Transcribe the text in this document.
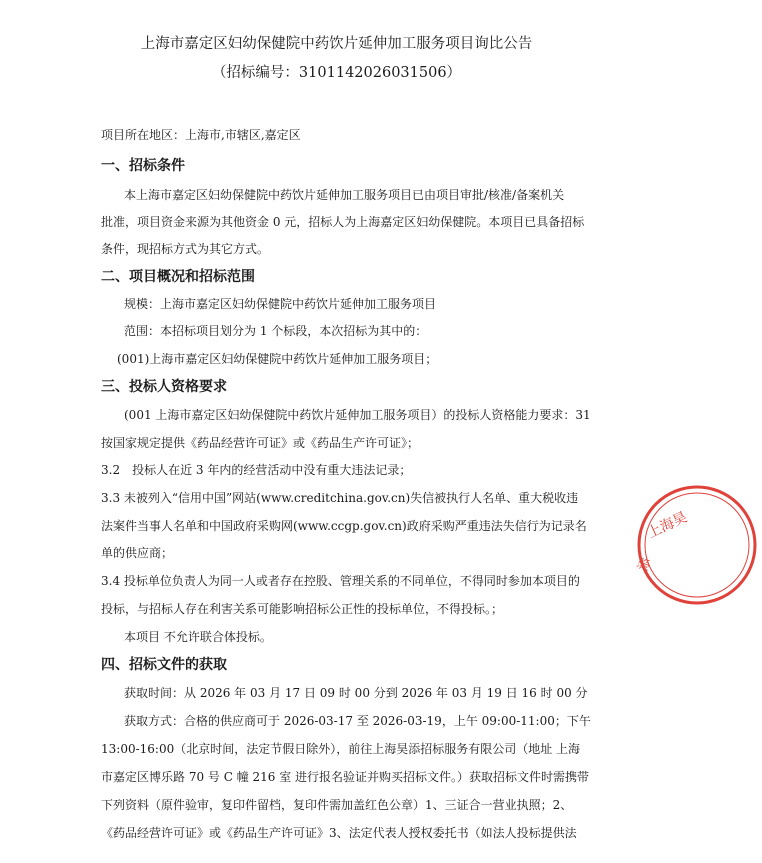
上海市嘉定区妇幼保健院中药饮片延伸加工服务项目询比公告
（招标编号：3101142026031506）
项目所在地区：上海市,市辖区,嘉定区
一、招标条件
本上海市嘉定区妇幼保健院中药饮片延伸加工服务项目已由项目审批/核准/备案机关
批准，项目资金来源为其他资金 0 元，招标人为上海嘉定区妇幼保健院。本项目已具备招标
条件，现招标方式为其它方式。
二、项目概况和招标范围
规模：上海市嘉定区妇幼保健院中药饮片延伸加工服务项目
范围：本招标项目划分为 1 个标段，本次招标为其中的：
(001)上海市嘉定区妇幼保健院中药饮片延伸加工服务项目；
三、投标人资格要求
(001 上海市嘉定区妇幼保健院中药饮片延伸加工服务项目）的投标人资格能力要求：31
按国家规定提供《药品经营许可证》或《药品生产许可证》；
3.2　投标人在近 3 年内的经营活动中没有重大违法记录；
3.3 未被列入“信用中国”网站(www.creditchina.gov.cn)失信被执行人名单、重大税收违
法案件当事人名单和中国政府采购网(www.ccgp.gov.cn)政府采购严重违法失信行为记录名
单的供应商；
3.4 投标单位负责人为同一人或者存在控股、管理关系的不同单位，不得同时参加本项目的
投标，与招标人存在利害关系可能影响招标公正性的投标单位，不得投标。；
本项目 不允许联合体投标。
四、招标文件的获取
获取时间：从 2026 年 03 月 17 日 09 时 00 分到 2026 年 03 月 19 日 16 时 00 分
获取方式：合格的供应商可于 2026-03-17 至 2026-03-19，上午 09:00-11:00；下午
13:00-16:00（北京时间，法定节假日除外），前往上海昊添招标服务有限公司（地址 上海
市嘉定区博乐路 70 号 C 幢 216 室 进行报名验证并购买招标文件。）获取招标文件时需携带
下列资料（原件验审，复印件留档，复印件需加盖红色公章）1、三证合一营业执照；2、
《药品经营许可证》或《药品生产许可证》3、法定代表人授权委托书（如法人投标提供法
上海昊
添
